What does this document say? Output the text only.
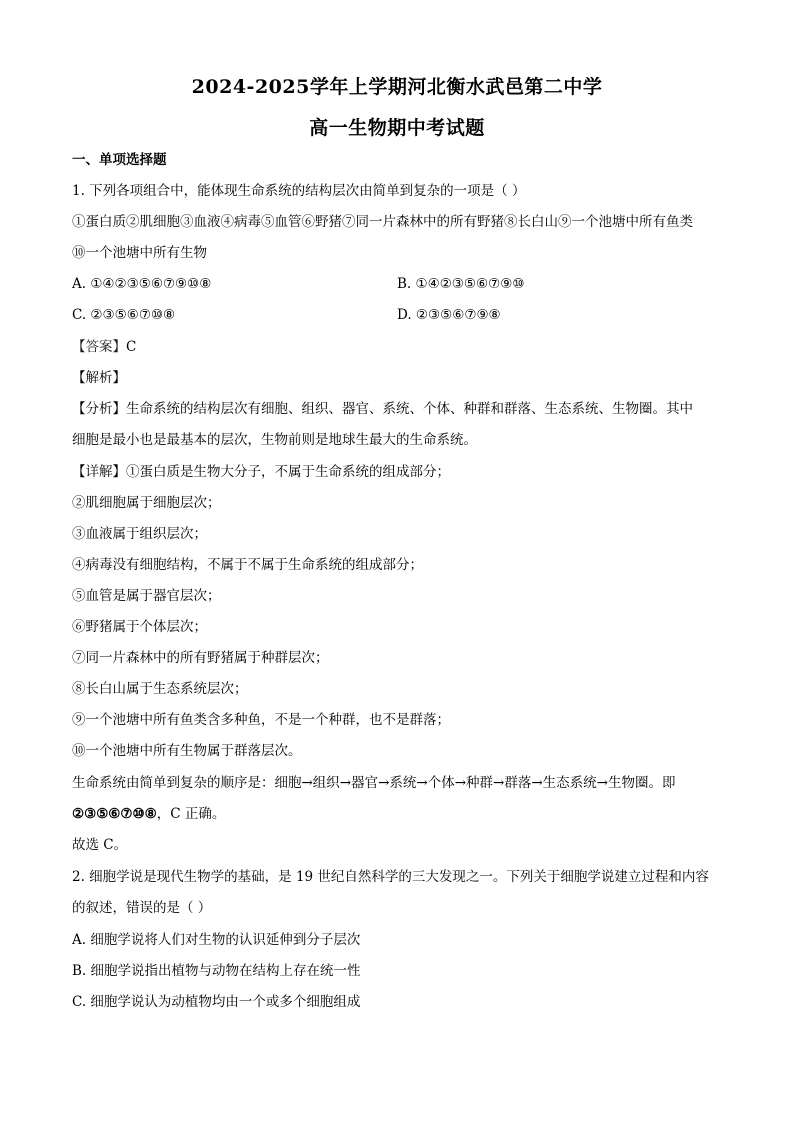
2024-2025学年上学期河北衡水武邑第二中学
高一生物期中考试题
一、单项选择题
1. 下列各项组合中，能体现生命系统的结构层次由简单到复杂的一项是（ ）
①蛋白质②肌细胞③血液④病毒⑤血管⑥野猪⑦同一片森林中的所有野猪⑧长白山⑨一个池塘中所有鱼类
⑩一个池塘中所有生物
A. ①④②③⑤⑥⑦⑨⑩⑧	B. ①④②③⑤⑥⑦⑨⑩
C. ②③⑤⑥⑦⑩⑧	D. ②③⑤⑥⑦⑨⑧
【答案】C
【解析】
【分析】生命系统的结构层次有细胞、组织、器官、系统、个体、种群和群落、生态系统、生物圈。其中
细胞是最小也是最基本的层次，生物前则是地球生最大的生命系统。
【详解】①蛋白质是生物大分子，不属于生命系统的组成部分；
②肌细胞属于细胞层次；
③血液属于组织层次；
④病毒没有细胞结构，不属于不属于生命系统的组成部分；
⑤血管是属于器官层次；
⑥野猪属于个体层次；
⑦同一片森林中的所有野猪属于种群层次；
⑧长白山属于生态系统层次；
⑨一个池塘中所有鱼类含多种鱼，不是一个种群，也不是群落；
⑩一个池塘中所有生物属于群落层次。
生命系统由简单到复杂的顺序是：细胞→组织→器官→系统→个体→种群→群落→生态系统→生物圈。即
②③⑤⑥⑦⑩⑧，C 正确。
故选 C。
2. 细胞学说是现代生物学的基础，是 19 世纪自然科学的三大发现之一。下列关于细胞学说建立过程和内容
的叙述，错误的是（ ）
A. 细胞学说将人们对生物的认识延伸到分子层次
B. 细胞学说指出植物与动物在结构上存在统一性
C. 细胞学说认为动植物均由一个或多个细胞组成
